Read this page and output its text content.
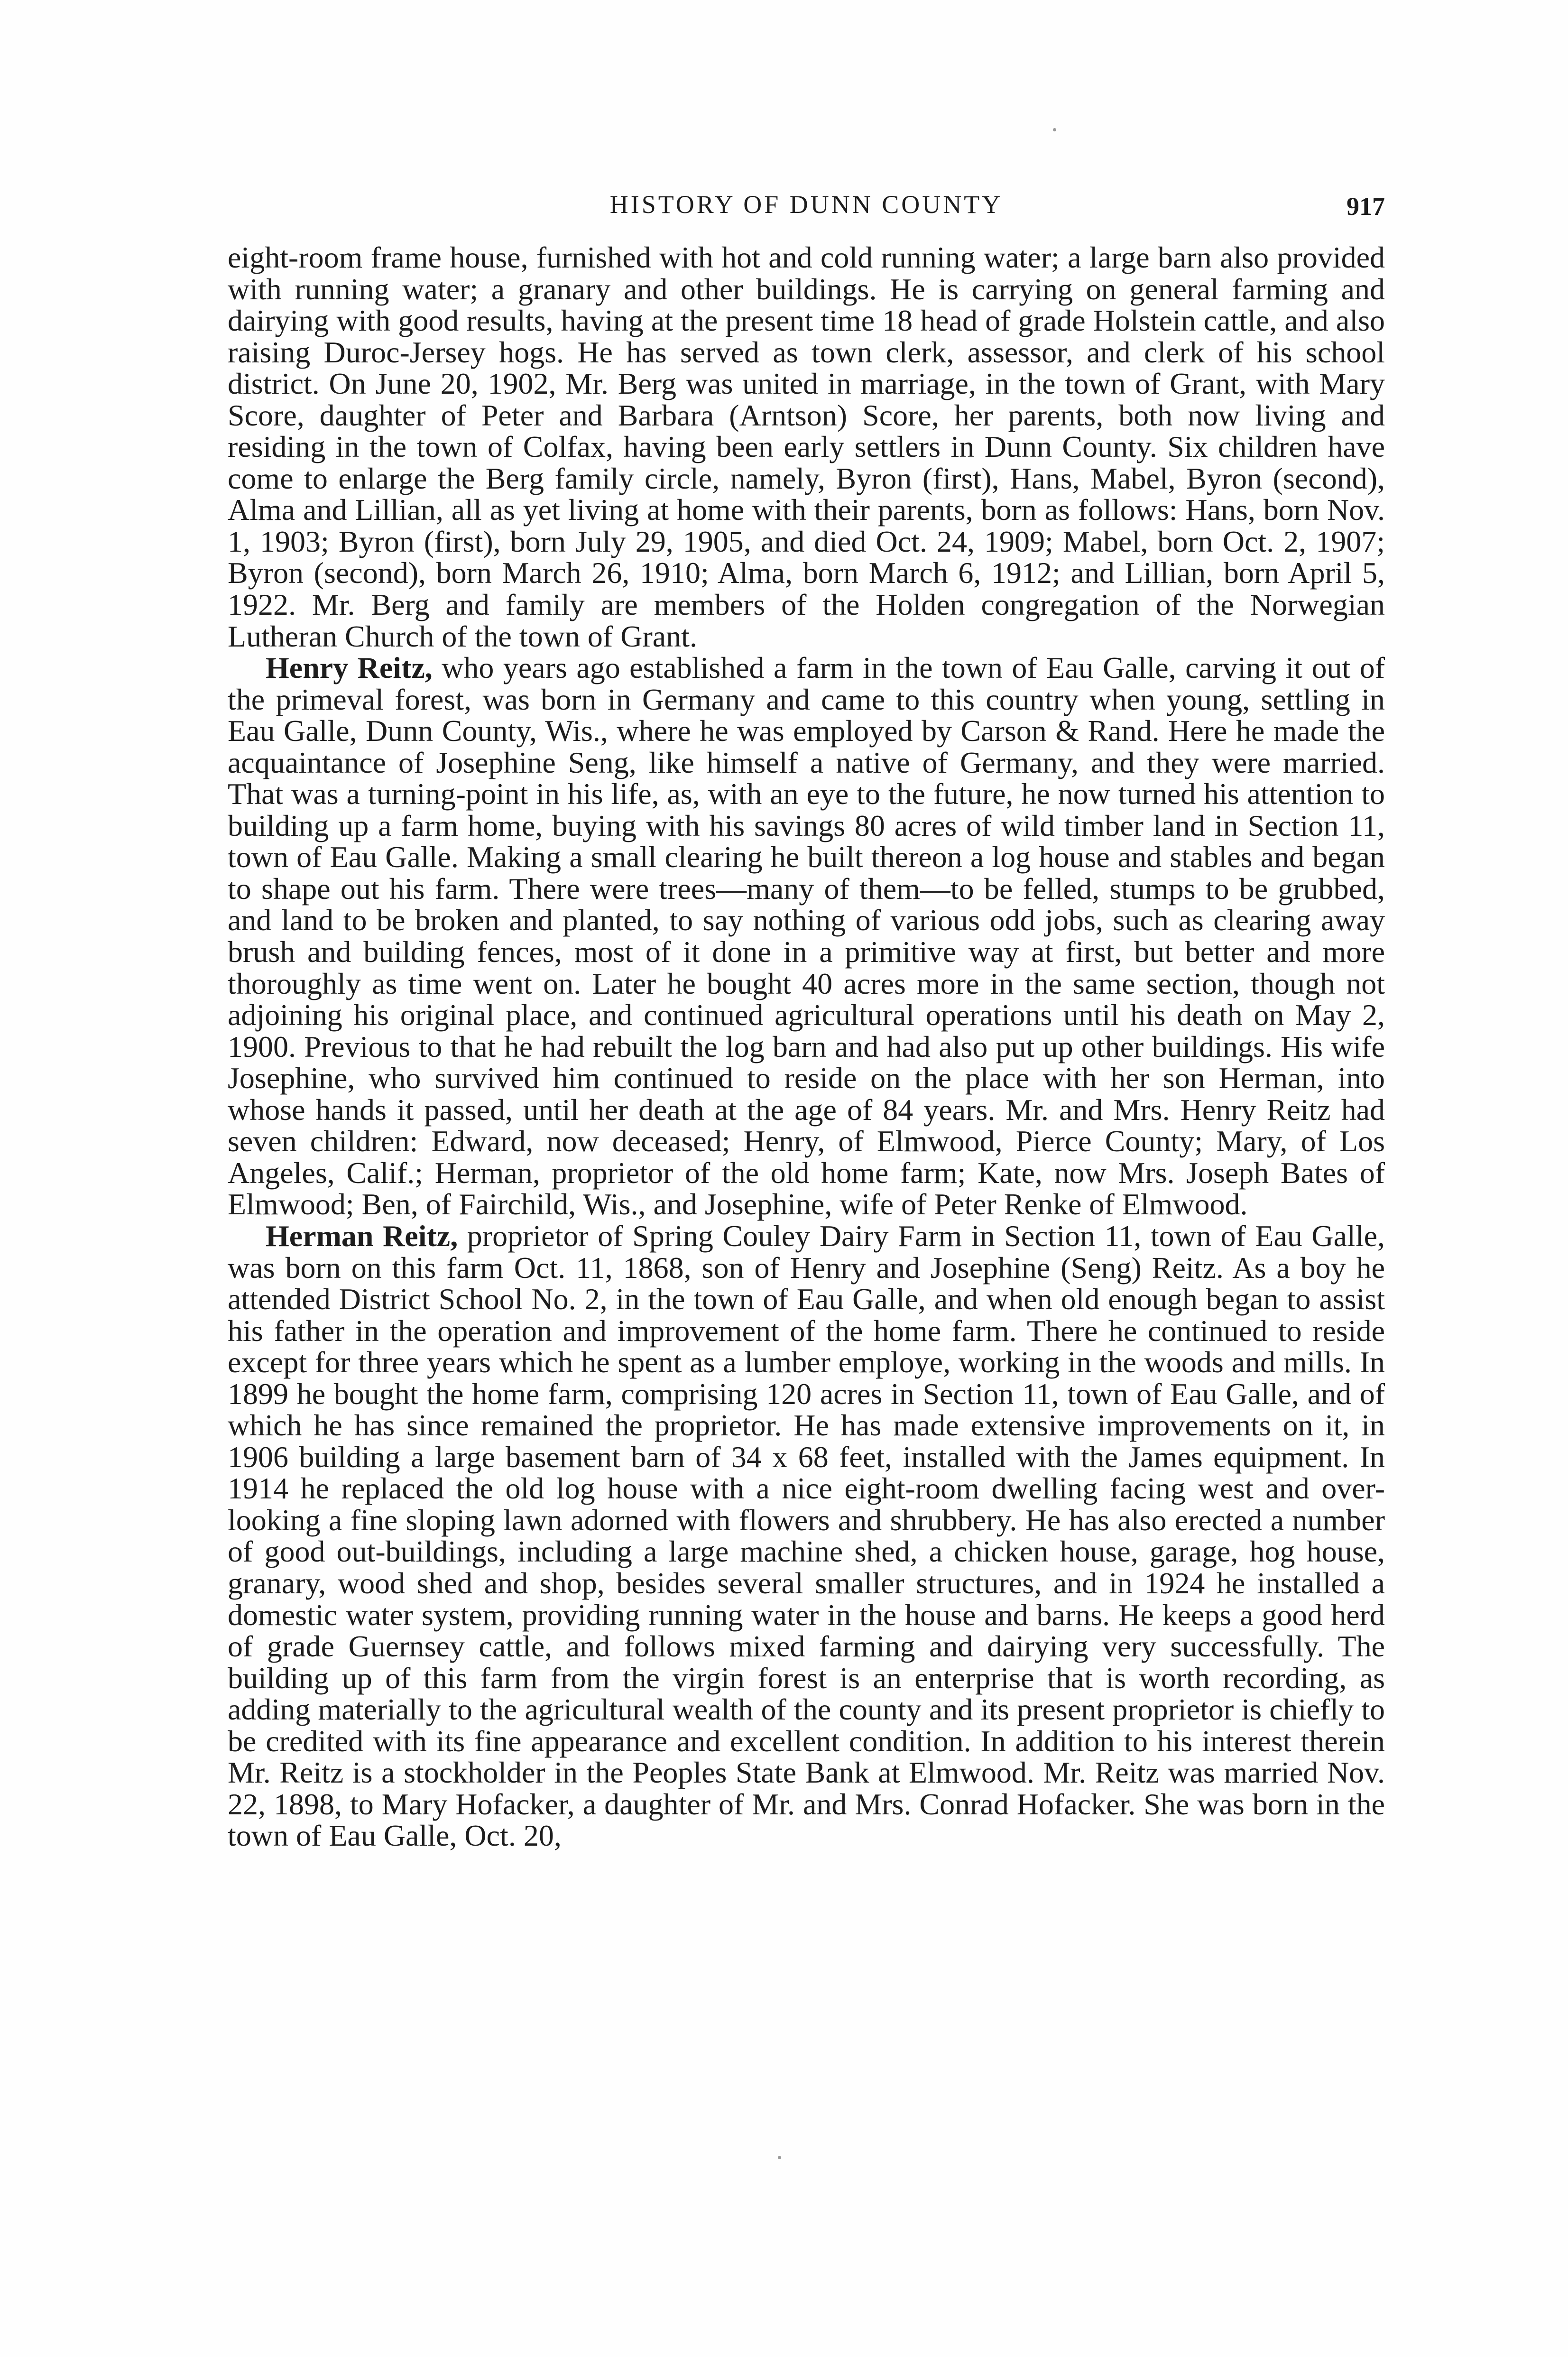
HISTORY OF DUNN COUNTY	917

eight-room frame house, furnished with hot and cold running water; a large barn also provided with running water; a granary and other buildings. He is carrying on general farming and dairying with good results, having at the present time 18 head of grade Holstein cattle, and also raising Duroc-Jersey hogs. He has served as town clerk, assessor, and clerk of his school district. On June 20, 1902, Mr. Berg was united in marriage, in the town of Grant, with Mary Score, daughter of Peter and Barbara (Arntson) Score, her parents, both now living and residing in the town of Colfax, having been early settlers in Dunn County. Six children have come to enlarge the Berg family circle, namely, Byron (first), Hans, Mabel, Byron (second), Alma and Lillian, all as yet living at home with their parents, born as follows: Hans, born Nov. 1, 1903; Byron (first), born July 29, 1905, and died Oct. 24, 1909; Mabel, born Oct. 2, 1907; Byron (second), born March 26, 1910; Alma, born March 6, 1912; and Lillian, born April 5, 1922. Mr. Berg and family are members of the Holden congregation of the Norwegian Lutheran Church of the town of Grant.

Henry Reitz, who years ago established a farm in the town of Eau Galle, carving it out of the primeval forest, was born in Germany and came to this country when young, settling in Eau Galle, Dunn County, Wis., where he was employed by Carson & Rand. Here he made the acquaintance of Josephine Seng, like himself a native of Germany, and they were married. That was a turning-point in his life, as, with an eye to the future, he now turned his attention to building up a farm home, buying with his savings 80 acres of wild timber land in Section 11, town of Eau Galle. Making a small clearing he built thereon a log house and stables and began to shape out his farm. There were trees—many of them—to be felled, stumps to be grubbed, and land to be broken and planted, to say nothing of various odd jobs, such as clearing away brush and building fences, most of it done in a primitive way at first, but better and more thoroughly as time went on. Later he bought 40 acres more in the same section, though not adjoining his original place, and continued agricultural operations until his death on May 2, 1900. Previous to that he had rebuilt the log barn and had also put up other buildings. His wife Josephine, who survived him continued to reside on the place with her son Herman, into whose hands it passed, until her death at the age of 84 years. Mr. and Mrs. Henry Reitz had seven children: Edward, now deceased; Henry, of Elmwood, Pierce County; Mary, of Los Angeles, Calif.; Herman, proprietor of the old home farm; Kate, now Mrs. Joseph Bates of Elmwood; Ben, of Fairchild, Wis., and Josephine, wife of Peter Renke of Elmwood.

Herman Reitz, proprietor of Spring Couley Dairy Farm in Section 11, town of Eau Galle, was born on this farm Oct. 11, 1868, son of Henry and Josephine (Seng) Reitz. As a boy he attended District School No. 2, in the town of Eau Galle, and when old enough began to assist his father in the operation and improvement of the home farm. There he continued to reside except for three years which he spent as a lumber employe, working in the woods and mills. In 1899 he bought the home farm, comprising 120 acres in Section 11, town of Eau Galle, and of which he has since remained the proprietor. He has made extensive improvements on it, in 1906 building a large basement barn of 34 x 68 feet, installed with the James equipment. In 1914 he replaced the old log house with a nice eight-room dwelling facing west and over-looking a fine sloping lawn adorned with flowers and shrubbery. He has also erected a number of good out-buildings, including a large machine shed, a chicken house, garage, hog house, granary, wood shed and shop, besides several smaller structures, and in 1924 he installed a domestic water system, providing running water in the house and barns. He keeps a good herd of grade Guernsey cattle, and follows mixed farming and dairying very successfully. The building up of this farm from the virgin forest is an enterprise that is worth recording, as adding materially to the agricultural wealth of the county and its present proprietor is chiefly to be credited with its fine appearance and excellent condition. In addition to his interest therein Mr. Reitz is a stockholder in the Peoples State Bank at Elmwood. Mr. Reitz was married Nov. 22, 1898, to Mary Hofacker, a daughter of Mr. and Mrs. Conrad Hofacker. She was born in the town of Eau Galle, Oct. 20,
